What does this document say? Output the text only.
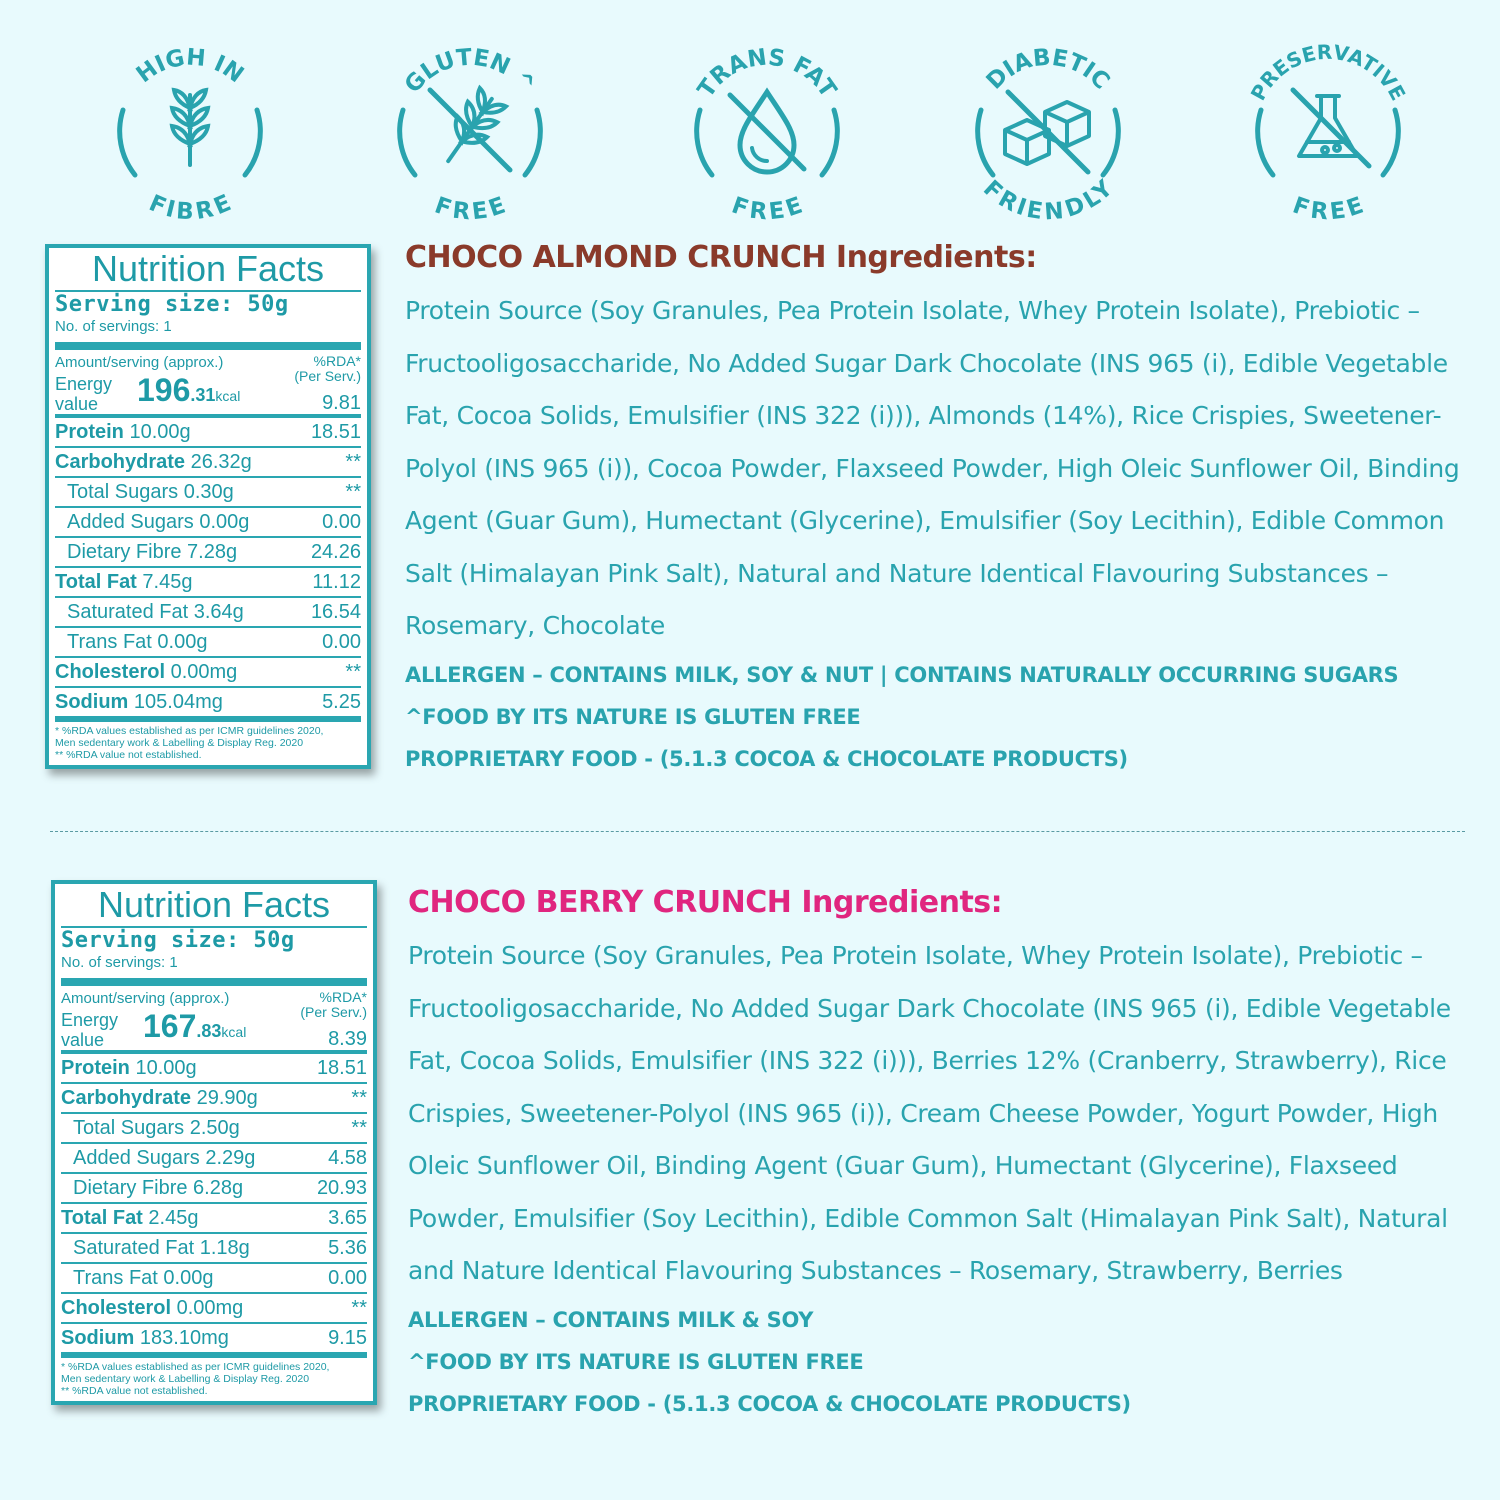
HIGH IN
FIBRE
GLUTEN ^
FREE
TRANS FAT
FREE
DIABETIC
FRIENDLY
PRESERVATIVE
FREE
Nutrition Facts
Serving size: 50g
No. of servings: 1
Amount/serving (approx.)	%RDA*
(Per Serv.)
Energy
value	196.31kcal	9.81
Protein 10.00g	18.51
Carbohydrate 26.32g	**
Total Sugars 0.30g	**
Added Sugars 0.00g	0.00
Dietary Fibre 7.28g	24.26
Total Fat 7.45g	11.12
Saturated Fat 3.64g	16.54
Trans Fat 0.00g	0.00
Cholesterol 0.00mg	**
Sodium 105.04mg	5.25
* %RDA values established as per ICMR guidelines 2020,
Men sedentary work & Labelling & Display Reg. 2020
** %RDA value not established.
CHOCO ALMOND CRUNCH Ingredients:
Protein Source (Soy Granules, Pea Protein Isolate, Whey Protein Isolate), Prebiotic – Fructooligosaccharide, No Added Sugar Dark Chocolate (INS 965 (i), Edible Vegetable Fat, Cocoa Solids, Emulsifier (INS 322 (i))), Almonds (14%), Rice Crispies, Sweetener-Polyol (INS 965 (i)), Cocoa Powder, Flaxseed Powder, High Oleic Sunflower Oil, Binding Agent (Guar Gum), Humectant (Glycerine), Emulsifier (Soy Lecithin), Edible Common Salt (Himalayan Pink Salt), Natural and Nature Identical Flavouring Substances – Rosemary, Chocolate
ALLERGEN – CONTAINS MILK, SOY & NUT | CONTAINS NATURALLY OCCURRING SUGARS
^FOOD BY ITS NATURE IS GLUTEN FREE
PROPRIETARY FOOD - (5.1.3 COCOA & CHOCOLATE PRODUCTS)
Nutrition Facts
Serving size: 50g
No. of servings: 1
Amount/serving (approx.)	%RDA*
(Per Serv.)
Energy
value	167.83kcal	8.39
Protein 10.00g	18.51
Carbohydrate 29.90g	**
Total Sugars 2.50g	**
Added Sugars 2.29g	4.58
Dietary Fibre 6.28g	20.93
Total Fat 2.45g	3.65
Saturated Fat 1.18g	5.36
Trans Fat 0.00g	0.00
Cholesterol 0.00mg	**
Sodium 183.10mg	9.15
* %RDA values established as per ICMR guidelines 2020,
Men sedentary work & Labelling & Display Reg. 2020
** %RDA value not established.
CHOCO BERRY CRUNCH Ingredients:
Protein Source (Soy Granules, Pea Protein Isolate, Whey Protein Isolate), Prebiotic – Fructooligosaccharide, No Added Sugar Dark Chocolate (INS 965 (i), Edible Vegetable Fat, Cocoa Solids, Emulsifier (INS 322 (i))), Berries 12% (Cranberry, Strawberry), Rice Crispies, Sweetener-Polyol (INS 965 (i)), Cream Cheese Powder, Yogurt Powder, High Oleic Sunflower Oil, Binding Agent (Guar Gum), Humectant (Glycerine), Flaxseed Powder, Emulsifier (Soy Lecithin), Edible Common Salt (Himalayan Pink Salt), Natural and Nature Identical Flavouring Substances – Rosemary, Strawberry, Berries
ALLERGEN – CONTAINS MILK & SOY
^FOOD BY ITS NATURE IS GLUTEN FREE
PROPRIETARY FOOD - (5.1.3 COCOA & CHOCOLATE PRODUCTS)
